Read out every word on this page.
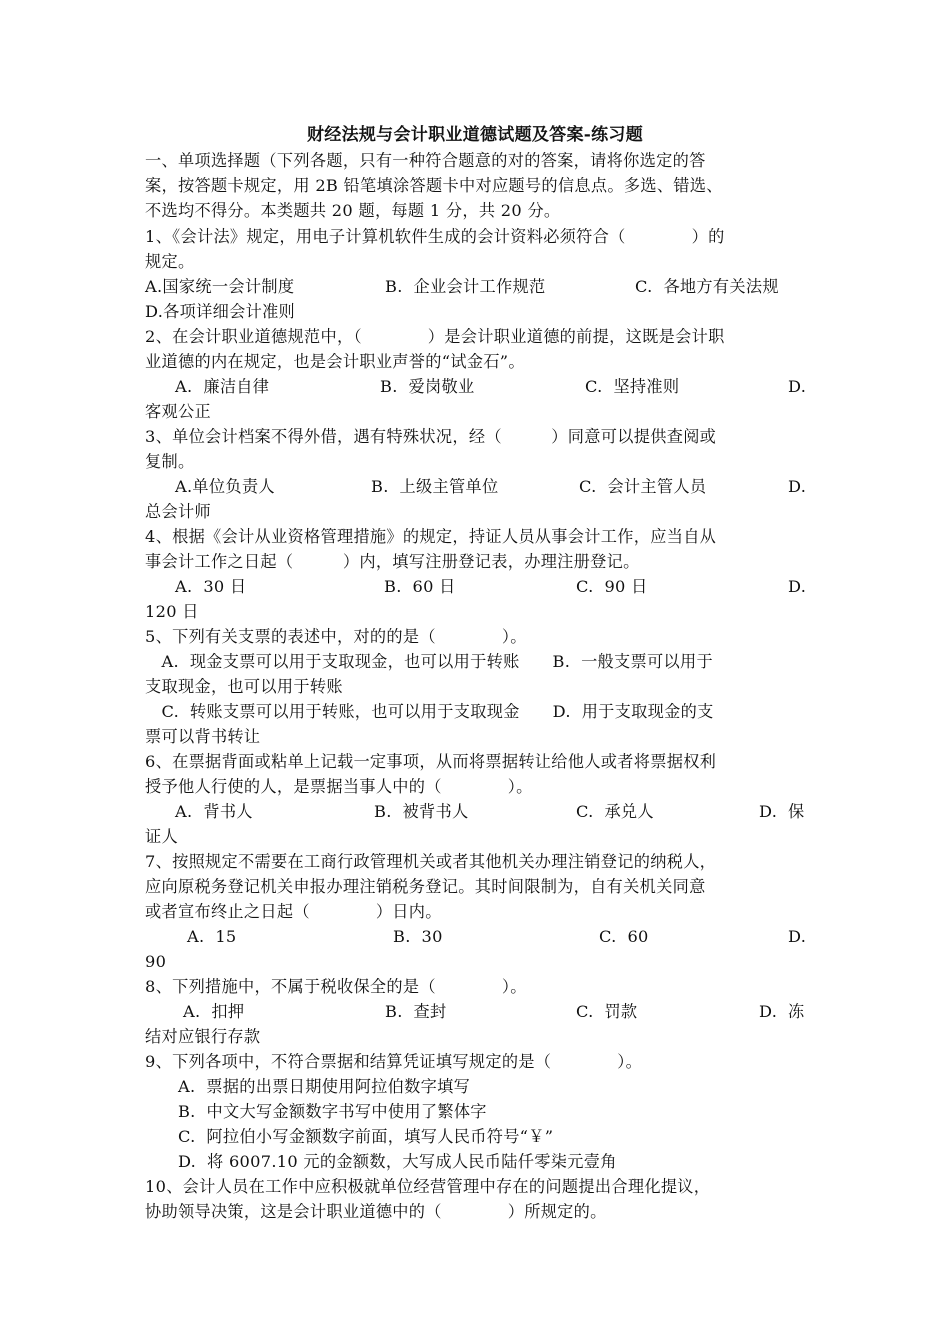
财经法规与会计职业道德试题及答案-练习题
一、单项选择题（下列各题，只有一种符合题意的对的答案，请将你选定的答
案，按答题卡规定，用 2B 铅笔填涂答题卡中对应题号的信息点。多选、错选、
不选均不得分。本类题共 20 题，每题 1 分，共 20 分。
1、《会计法》规定，用电子计算机软件生成的会计资料必须符合（　　　　）的
规定。
A.国家统一会计制度	B.  企业会计工作规范	C.  各地方有关法规
D.各项详细会计准则
2、在会计职业道德规范中，（　　　　）是会计职业道德的前提，这既是会计职
业道德的内在规定，也是会计职业声誉的“试金石”。
A.  廉洁自律	B.  爱岗敬业	C.  坚持准则	D.
客观公正
3、单位会计档案不得外借，遇有特殊状况，经（　　　）同意可以提供查阅或
复制。
A.单位负责人	B.  上级主管单位	C.  会计主管人员	D.
总会计师
4、根据《会计从业资格管理措施》的规定，持证人员从事会计工作，应当自从
事会计工作之日起（　　　）内，填写注册登记表，办理注册登记。
A.  30 日	B.  60 日	C.  90 日	D.
120 日
5、下列有关支票的表述中，对的的是（　　　　）。
　A.  现金支票可以用于支取现金，也可以用于转账　　B.  一般支票可以用于
支取现金，也可以用于转账
　C.  转账支票可以用于转账，也可以用于支取现金　　D.  用于支取现金的支
票可以背书转让
6、在票据背面或粘单上记载一定事项，从而将票据转让给他人或者将票据权利
授予他人行使的人，是票据当事人中的（　　　　）。
A.  背书人	B.  被背书人	C.  承兑人	D.  保
证人
7、按照规定不需要在工商行政管理机关或者其他机关办理注销登记的纳税人，
应向原税务登记机关申报办理注销税务登记。其时间限制为，自有关机关同意
或者宣布终止之日起（　　　　）日内。
A.  15	B.  30	C.  60	D.
90
8、下列措施中，不属于税收保全的是（　　　　）。
A.  扣押	B.  查封	C.  罚款	D.  冻
结对应银行存款
9、下列各项中，不符合票据和结算凭证填写规定的是（　　　　）。
　　A.  票据的出票日期使用阿拉伯数字填写
　　B.  中文大写金额数字书写中使用了繁体字
　　C.  阿拉伯小写金额数字前面，填写人民币符号“￥”
　　D.  将 6007.10 元的金额数，大写成人民币陆仟零柒元壹角
10、会计人员在工作中应积极就单位经营管理中存在的问题提出合理化提议，
协助领导决策，这是会计职业道德中的（　　　　）所规定的。
